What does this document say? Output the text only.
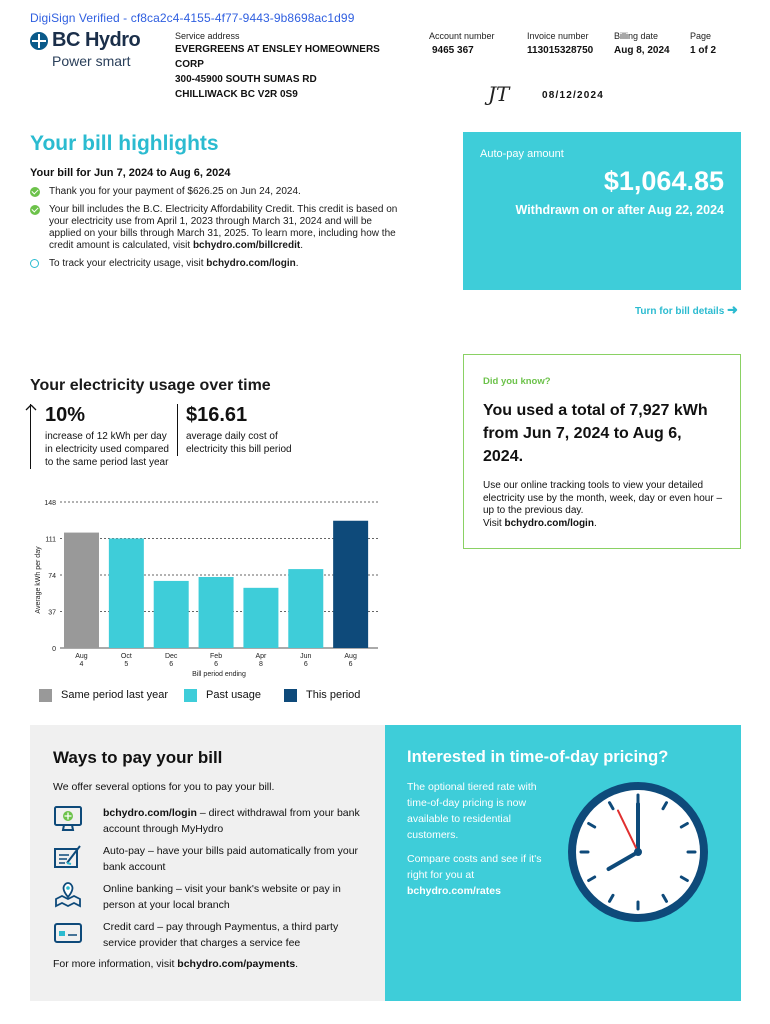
DigiSign Verified - cf8ca2c4-4155-4f77-9443-9b8698ac1d99
BC Hydro
Power smart
Service address
EVERGREENS AT ENSLEY HOMEOWNERS
CORP
300-45900 SOUTH SUMAS RD
CHILLIWACK BC V2R 0S9
Account number
9465 367
Invoice number
113015328750
Billing date
Aug 8, 2024
Page
1 of 2
JT	08/12/2024
Your bill highlights
Your bill for Jun 7, 2024 to Aug 6, 2024
Thank you for your payment of $626.25 on Jun 24, 2024.
Your bill includes the B.C. Electricity Affordability Credit. This credit is based on your electricity use from April 1, 2023 through March 31, 2024 and will be applied on your bills through March 31, 2025. To learn more, including how the credit amount is calculated, visit bchydro.com/billcredit.
To track your electricity usage, visit bchydro.com/login.
Auto-pay amount
$1,064.85
Withdrawn on or after Aug 22, 2024
Turn for bill details ➜
Your electricity usage over time
10%
increase of 12 kWh per day in electricity used compared to the same period last year
$16.61
average daily cost of electricity this bill period
0
37
74
111
148
Average kWh per day
Aug
4
Oct
5
Dec
6
Feb
6
Apr
8
Jun
6
Aug
6
Bill period ending
Same period last year	Past usage	This period
Did you know?
You used a total of 7,927 kWh from Jun 7, 2024 to Aug 6, 2024.
Use our online tracking tools to view your detailed electricity use by the month, week, day or even hour – up to the previous day.
Visit bchydro.com/login.
Ways to pay your bill
We offer several options for you to pay your bill.
bchydro.com/login – direct withdrawal from your bank account through MyHydro
Auto-pay – have your bills paid automatically from your bank account
Online banking – visit your bank's website or pay in person at your local branch
Credit card – pay through Paymentus, a third party service provider that charges a service fee
For more information, visit bchydro.com/payments.
Interested in time-of-day pricing?
The optional tiered rate with time-of-day pricing is now available to residential customers.
Compare costs and see if it's right for you at bchydro.com/rates
